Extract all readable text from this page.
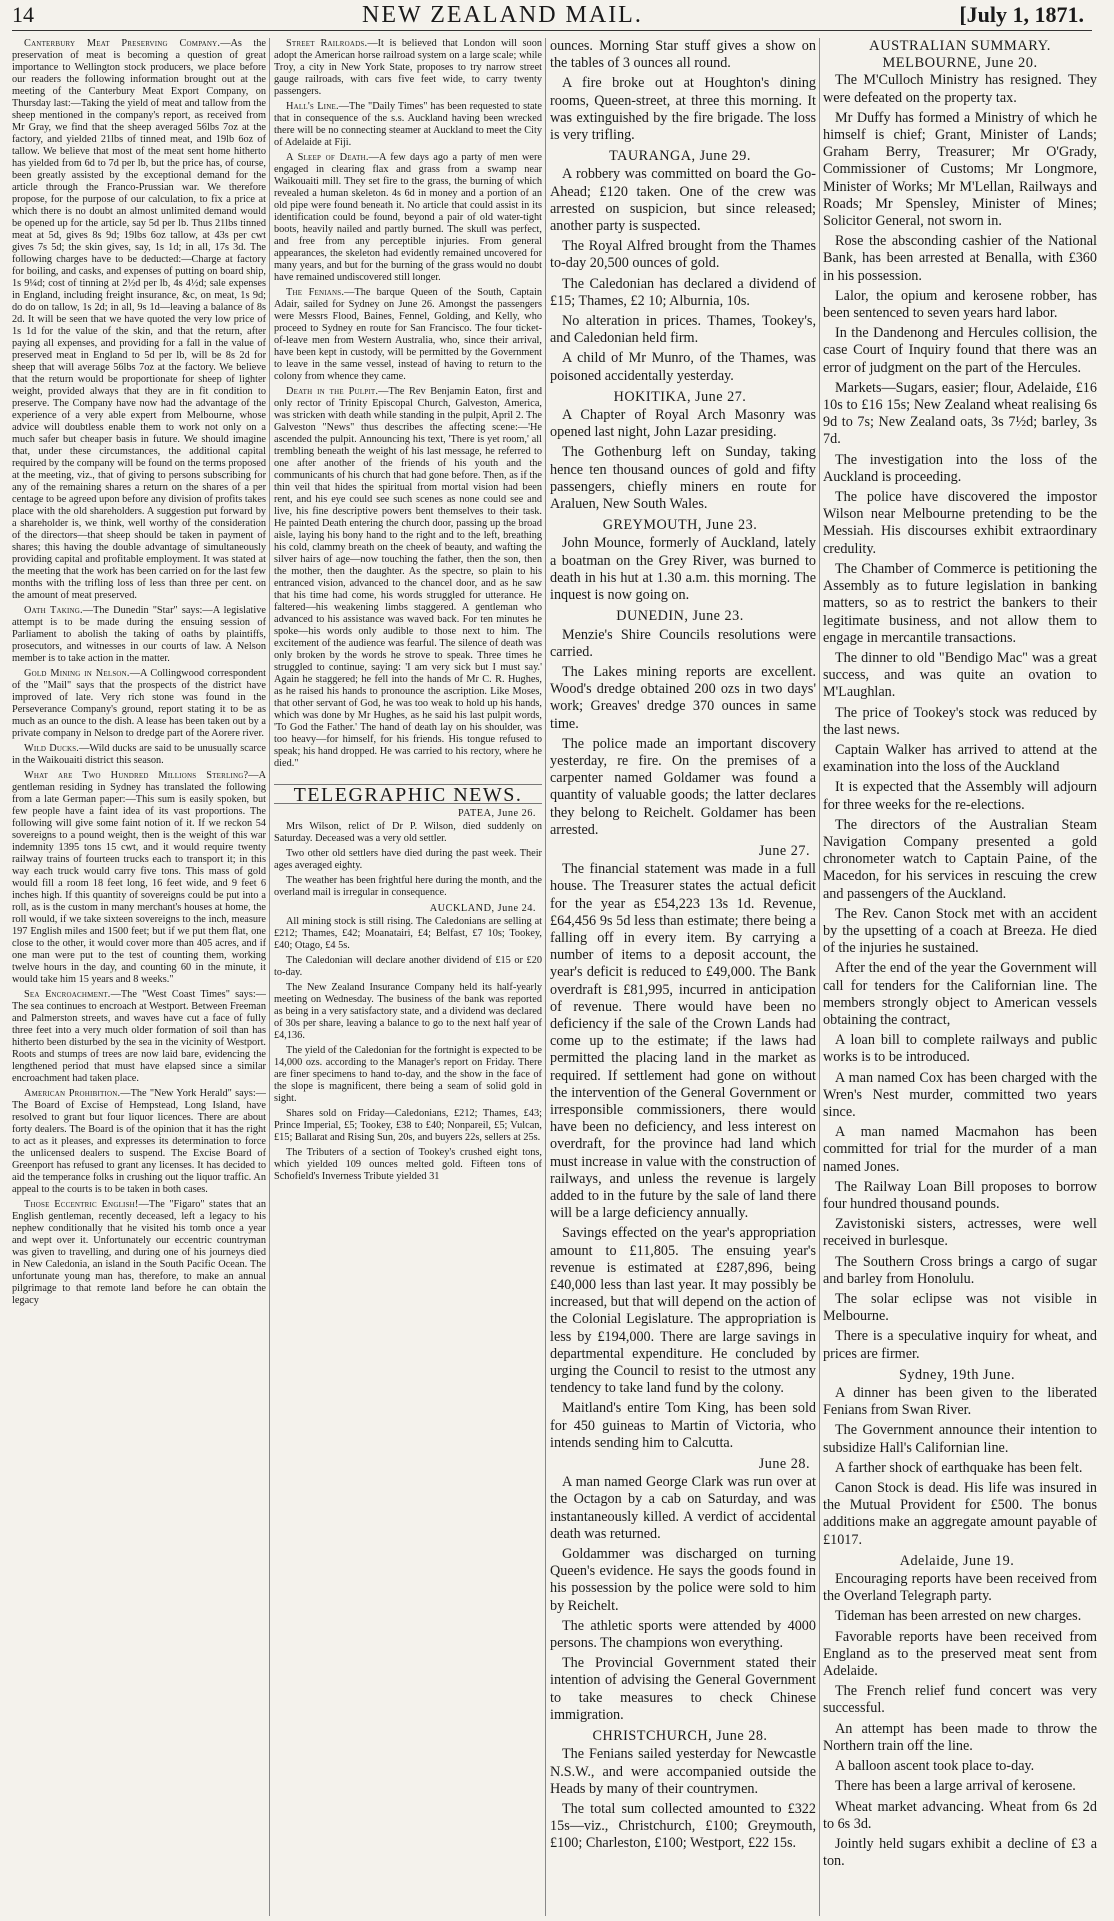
14	NEW ZEALAND MAIL.	[July 1, 1871.

Canterbury Meat Preserving Company.—As the preservation of meat is becoming a question of great importance to Wellington stock producers, we place before our readers the following information brought out at the meeting of the Canterbury Meat Export Company, on Thursday last:—Taking the yield of meat and tallow from the sheep mentioned in the company's report, as received from Mr Gray, we find that the sheep averaged 56lbs 7oz at the factory, and yielded 21lbs of tinned meat, and 19lb 6oz of tallow. We believe that most of the meat sent home hitherto has yielded from 6d to 7d per lb, but the price has, of course, been greatly assisted by the exceptional demand for the article through the Franco-Prussian war. We therefore propose, for the purpose of our calculation, to fix a price at which there is no doubt an almost unlimited demand would be opened up for the article, say 5d per lb. Thus 21lbs tinned meat at 5d, gives 8s 9d; 19lbs 6oz tallow, at 43s per cwt gives 7s 5d; the skin gives, say, 1s 1d; in all, 17s 3d. The following charges have to be deducted:—Charge at factory for boiling, and casks, and expenses of putting on board ship, 1s 9¼d; cost of tinning at 2½d per lb, 4s 4½d; sale expenses in England, including freight insurance, &c, on meat, 1s 9d; do do on tallow, 1s 2d; in all, 9s 1d—leaving a balance of 8s 2d. It will be seen that we have quoted the very low price of 1s 1d for the value of the skin, and that the return, after paying all expenses, and providing for a fall in the value of preserved meat in England to 5d per lb, will be 8s 2d for sheep that will average 56lbs 7oz at the factory. We believe that the return would be proportionate for sheep of lighter weight, provided always that they are in fit condition to preserve. The Company have now had the advantage of the experience of a very able expert from Melbourne, whose advice will doubtless enable them to work not only on a much safer but cheaper basis in future. We should imagine that, under these circumstances, the additional capital required by the company will be found on the terms proposed at the meeting, viz., that of giving to persons subscribing for any of the remaining shares a return on the shares of a per centage to be agreed upon before any division of profits takes place with the old shareholders. A suggestion put forward by a shareholder is, we think, well worthy of the consideration of the directors—that sheep should be taken in payment of shares; this having the double advantage of simultaneously providing capital and profitable employment. It was stated at the meeting that the work has been carried on for the last few months with the trifling loss of less than three per cent. on the amount of meat preserved.

Oath Taking.—The Dunedin "Star" says:—A legislative attempt is to be made during the ensuing session of Parliament to abolish the taking of oaths by plaintiffs, prosecutors, and witnesses in our courts of law. A Nelson member is to take action in the matter.

Gold Mining in Nelson.—A Collingwood correspondent of the "Mail" says that the prospects of the district have improved of late. Very rich stone was found in the Perseverance Company's ground, report stating it to be as much as an ounce to the dish. A lease has been taken out by a private company in Nelson to dredge part of the Aorere river.

Wild Ducks.—Wild ducks are said to be unusually scarce in the Waikouaiti district this season.

What are Two Hundred Millions Sterling?—A gentleman residing in Sydney has translated the following from a late German paper:—This sum is easily spoken, but few people have a faint idea of its vast proportions. The following will give some faint notion of it. If we reckon 54 sovereigns to a pound weight, then is the weight of this war indemnity 1395 tons 15 cwt, and it would require twenty railway trains of fourteen trucks each to transport it; in this way each truck would carry five tons. This mass of gold would fill a room 18 feet long, 16 feet wide, and 9 feet 6 inches high. If this quantity of sovereigns could be put into a roll, as is the custom in many merchant's houses at home, the roll would, if we take sixteen sovereigns to the inch, measure 197 English miles and 1500 feet; but if we put them flat, one close to the other, it would cover more than 405 acres, and if one man were put to the test of counting them, working twelve hours in the day, and counting 60 in the minute, it would take him 15 years and 8 weeks."

Sea Encroachment.—The "West Coast Times" says:—The sea continues to encroach at Westport. Between Freeman and Palmerston streets, and waves have cut a face of fully three feet into a very much older formation of soil than has hitherto been disturbed by the sea in the vicinity of Westport. Roots and stumps of trees are now laid bare, evidencing the lengthened period that must have elapsed since a similar encroachment had taken place.

American Prohibition.—The "New York Herald" says:—The Board of Excise of Hempstead, Long Island, have resolved to grant but four liquor licences. There are about forty dealers. The Board is of the opinion that it has the right to act as it pleases, and expresses its determination to force the unlicensed dealers to suspend. The Excise Board of Greenport has refused to grant any licenses. It has decided to aid the temperance folks in crushing out the liquor traffic. An appeal to the courts is to be taken in both cases.

Those Eccentric English!—The "Figaro" states that an English gentleman, recently deceased, left a legacy to his nephew conditionally that he visited his tomb once a year and wept over it. Unfortunately our eccentric countryman was given to travelling, and during one of his journeys died in New Caledonia, an island in the South Pacific Ocean. The unfortunate young man has, therefore, to make an annual pilgrimage to that remote land before he can obtain the legacy

Street Railroads.—It is believed that London will soon adopt the American horse railroad system on a large scale; while Troy, a city in New York State, proposes to try narrow street gauge railroads, with cars five feet wide, to carry twenty passengers.

Hall's Line.—The "Daily Times" has been requested to state that in consequence of the s.s. Auckland having been wrecked there will be no connecting steamer at Auckland to meet the City of Adelaide at Fiji.

A Sleep of Death.—A few days ago a party of men were engaged in clearing flax and grass from a swamp near Waikouaiti mill. They set fire to the grass, the burning of which revealed a human skeleton. 4s 6d in money and a portion of an old pipe were found beneath it. No article that could assist in its identification could be found, beyond a pair of old water-tight boots, heavily nailed and partly burned. The skull was perfect, and free from any perceptible injuries. From general appearances, the skeleton had evidently remained uncovered for many years, and but for the burning of the grass would no doubt have remained undiscovered still longer.

The Fenians.—The barque Queen of the South, Captain Adair, sailed for Sydney on June 26. Amongst the passengers were Messrs Flood, Baines, Fennel, Golding, and Kelly, who proceed to Sydney en route for San Francisco. The four ticket-of-leave men from Western Australia, who, since their arrival, have been kept in custody, will be permitted by the Government to leave in the same vessel, instead of having to return to the colony from whence they came.

Death in the Pulpit.—The Rev Benjamin Eaton, first and only rector of Trinity Episcopal Church, Galveston, America, was stricken with death while standing in the pulpit, April 2. The Galveston "News" thus describes the affecting scene:—'He ascended the pulpit. Announcing his text, 'There is yet room,' all trembling beneath the weight of his last message, he referred to one after another of the friends of his youth and the communicants of his church that had gone before. Then, as if the thin veil that hides the spiritual from mortal vision had been rent, and his eye could see such scenes as none could see and live, his fine descriptive powers bent themselves to their task. He painted Death entering the church door, passing up the broad aisle, laying his bony hand to the right and to the left, breathing his cold, clammy breath on the cheek of beauty, and wafting the silver hairs of age—now touching the father, then the son, then the mother, then the daughter. As the spectre, so plain to his entranced vision, advanced to the chancel door, and as he saw that his time had come, his words struggled for utterance. He faltered—his weakening limbs staggered. A gentleman who advanced to his assistance was waved back. For ten minutes he spoke—his words only audible to those next to him. The excitement of the audience was fearful. The silence of death was only broken by the words he strove to speak. Three times he struggled to continue, saying: 'I am very sick but I must say.' Again he staggered; he fell into the hands of Mr C. R. Hughes, as he raised his hands to pronounce the ascription. Like Moses, that other servant of God, he was too weak to hold up his hands, which was done by Mr Hughes, as he said his last pulpit words, 'To God the Father.' The hand of death lay on his shoulder, was too heavy—for himself, for his friends. His tongue refused to speak; his hand dropped. He was carried to his rectory, where he died."

TELEGRAPHIC NEWS.

PATEA, June 26.

Mrs Wilson, relict of Dr P. Wilson, died suddenly on Saturday. Deceased was a very old settler.

Two other old settlers have died during the past week. Their ages averaged eighty.

The weather has been frightful here during the month, and the overland mail is irregular in consequence.

AUCKLAND, June 24.

All mining stock is still rising. The Caledonians are selling at £212; Thames, £42; Moanatairi, £4; Belfast, £7 10s; Tookey, £40; Otago, £4 5s.

The Caledonian will declare another dividend of £15 or £20 to-day.

The New Zealand Insurance Company held its half-yearly meeting on Wednesday. The business of the bank was reported as being in a very satisfactory state, and a dividend was declared of 30s per share, leaving a balance to go to the next half year of £4,136.

The yield of the Caledonian for the fortnight is expected to be 14,000 ozs. according to the Manager's report on Friday. There are finer specimens to hand to-day, and the show in the face of the slope is magnificent, there being a seam of solid gold in sight.

Shares sold on Friday—Caledonians, £212; Thames, £43; Prince Imperial, £5; Tookey, £38 to £40; Nonpareil, £5; Vulcan, £15; Ballarat and Rising Sun, 20s, and buyers 22s, sellers at 25s.

The Tributers of a section of Tookey's crushed eight tons, which yielded 109 ounces melted gold. Fifteen tons of Schofield's Inverness Tribute yielded 31

ounces. Morning Star stuff gives a show on the tables of 3 ounces all round.

A fire broke out at Houghton's dining rooms, Queen-street, at three this morning. It was extinguished by the fire brigade. The loss is very trifling.

TAURANGA, June 29.

A robbery was committed on board the Go-Ahead; £120 taken. One of the crew was arrested on suspicion, but since released; another party is suspected.

The Royal Alfred brought from the Thames to-day 20,500 ounces of gold.

The Caledonian has declared a dividend of £15; Thames, £2 10; Alburnia, 10s.

No alteration in prices. Thames, Tookey's, and Caledonian held firm.

A child of Mr Munro, of the Thames, was poisoned accidentally yesterday.

HOKITIKA, June 27.

A Chapter of Royal Arch Masonry was opened last night, John Lazar presiding.

The Gothenburg left on Sunday, taking hence ten thousand ounces of gold and fifty passengers, chiefly miners en route for Araluen, New South Wales.

GREYMOUTH, June 23.

John Mounce, formerly of Auckland, lately a boatman on the Grey River, was burned to death in his hut at 1.30 a.m. this morning. The inquest is now going on.

DUNEDIN, June 23.

Menzie's Shire Councils resolutions were carried.

The Lakes mining reports are excellent. Wood's dredge obtained 200 ozs in two days' work; Greaves' dredge 370 ounces in same time.

The police made an important discovery yesterday, re fire. On the premises of a carpenter named Goldamer was found a quantity of valuable goods; the latter declares they belong to Reichelt. Goldamer has been arrested.

June 27.

The financial statement was made in a full house. The Treasurer states the actual deficit for the year as £54,223 13s 1d. Revenue, £64,456 9s 5d less than estimate; there being a falling off in every item. By carrying a number of items to a deposit account, the year's deficit is reduced to £49,000. The Bank overdraft is £81,995, incurred in anticipation of revenue. There would have been no deficiency if the sale of the Crown Lands had come up to the estimate; if the laws had permitted the placing land in the market as required. If settlement had gone on without the intervention of the General Government or irresponsible commissioners, there would have been no deficiency, and less interest on overdraft, for the province had land which must increase in value with the construction of railways, and unless the revenue is largely added to in the future by the sale of land there will be a large deficiency annually.

Savings effected on the year's appropriation amount to £11,805. The ensuing year's revenue is estimated at £287,896, being £40,000 less than last year. It may possibly be increased, but that will depend on the action of the Colonial Legislature. The appropriation is less by £194,000. There are large savings in departmental expenditure. He concluded by urging the Council to resist to the utmost any tendency to take land fund by the colony.

Maitland's entire Tom King, has been sold for 450 guineas to Martin of Victoria, who intends sending him to Calcutta.

June 28.

A man named George Clark was run over at the Octagon by a cab on Saturday, and was instantaneously killed. A verdict of accidental death was returned.

Goldammer was discharged on turning Queen's evidence. He says the goods found in his possession by the police were sold to him by Reichelt.

The athletic sports were attended by 4000 persons. The champions won everything.

The Provincial Government stated their intention of advising the General Government to take measures to check Chinese immigration.

CHRISTCHURCH, June 28.

The Fenians sailed yesterday for Newcastle N.S.W., and were accompanied outside the Heads by many of their countrymen.

The total sum collected amounted to £322 15s—viz., Christchurch, £100; Greymouth, £100; Charleston, £100; Westport, £22 15s.

AUSTRALIAN SUMMARY.

MELBOURNE, June 20.

The M'Culloch Ministry has resigned. They were defeated on the property tax.

Mr Duffy has formed a Ministry of which he himself is chief; Grant, Minister of Lands; Graham Berry, Treasurer; Mr O'Grady, Commissioner of Customs; Mr Longmore, Minister of Works; Mr M'Lellan, Railways and Roads; Mr Spensley, Minister of Mines; Solicitor General, not sworn in.

Rose the absconding cashier of the National Bank, has been arrested at Benalla, with £360 in his possession.

Lalor, the opium and kerosene robber, has been sentenced to seven years hard labor.

In the Dandenong and Hercules collision, the case Court of Inquiry found that there was an error of judgment on the part of the Hercules.

Markets—Sugars, easier; flour, Adelaide, £16 10s to £16 15s; New Zealand wheat realising 6s 9d to 7s; New Zealand oats, 3s 7½d; barley, 3s 7d.

The investigation into the loss of the Auckland is proceeding.

The police have discovered the impostor Wilson near Melbourne pretending to be the Messiah. His discourses exhibit extraordinary credulity.

The Chamber of Commerce is petitioning the Assembly as to future legislation in banking matters, so as to restrict the bankers to their legitimate business, and not allow them to engage in mercantile transactions.

The dinner to old "Bendigo Mac" was a great success, and was quite an ovation to M'Laughlan.

The price of Tookey's stock was reduced by the last news.

Captain Walker has arrived to attend at the examination into the loss of the Auckland

It is expected that the Assembly will adjourn for three weeks for the re-elections.

The directors of the Australian Steam Navigation Company presented a gold chronometer watch to Captain Paine, of the Macedon, for his services in rescuing the crew and passengers of the Auckland.

The Rev. Canon Stock met with an accident by the upsetting of a coach at Breeza. He died of the injuries he sustained.

After the end of the year the Government will call for tenders for the Californian line. The members strongly object to American vessels obtaining the contract,

A loan bill to complete railways and public works is to be introduced.

A man named Cox has been charged with the Wren's Nest murder, committed two years since.

A man named Macmahon has been committed for trial for the murder of a man named Jones.

The Railway Loan Bill proposes to borrow four hundred thousand pounds.

Zavistoniski sisters, actresses, were well received in burlesque.

The Southern Cross brings a cargo of sugar and barley from Honolulu.

The solar eclipse was not visible in Melbourne.

There is a speculative inquiry for wheat, and prices are firmer.

Sydney, 19th June.

A dinner has been given to the liberated Fenians from Swan River.

The Government announce their intention to subsidize Hall's Californian line.

A farther shock of earthquake has been felt.

Canon Stock is dead. His life was insured in the Mutual Provident for £500. The bonus additions make an aggregate amount payable of £1017.

Adelaide, June 19.

Encouraging reports have been received from the Overland Telegraph party.

Tideman has been arrested on new charges.

Favorable reports have been received from England as to the preserved meat sent from Adelaide.

The French relief fund concert was very successful.

An attempt has been made to throw the Northern train off the line.

A balloon ascent took place to-day.

There has been a large arrival of kerosene.

Wheat market advancing. Wheat from 6s 2d to 6s 3d.

Jointly held sugars exhibit a decline of £3 a ton.
